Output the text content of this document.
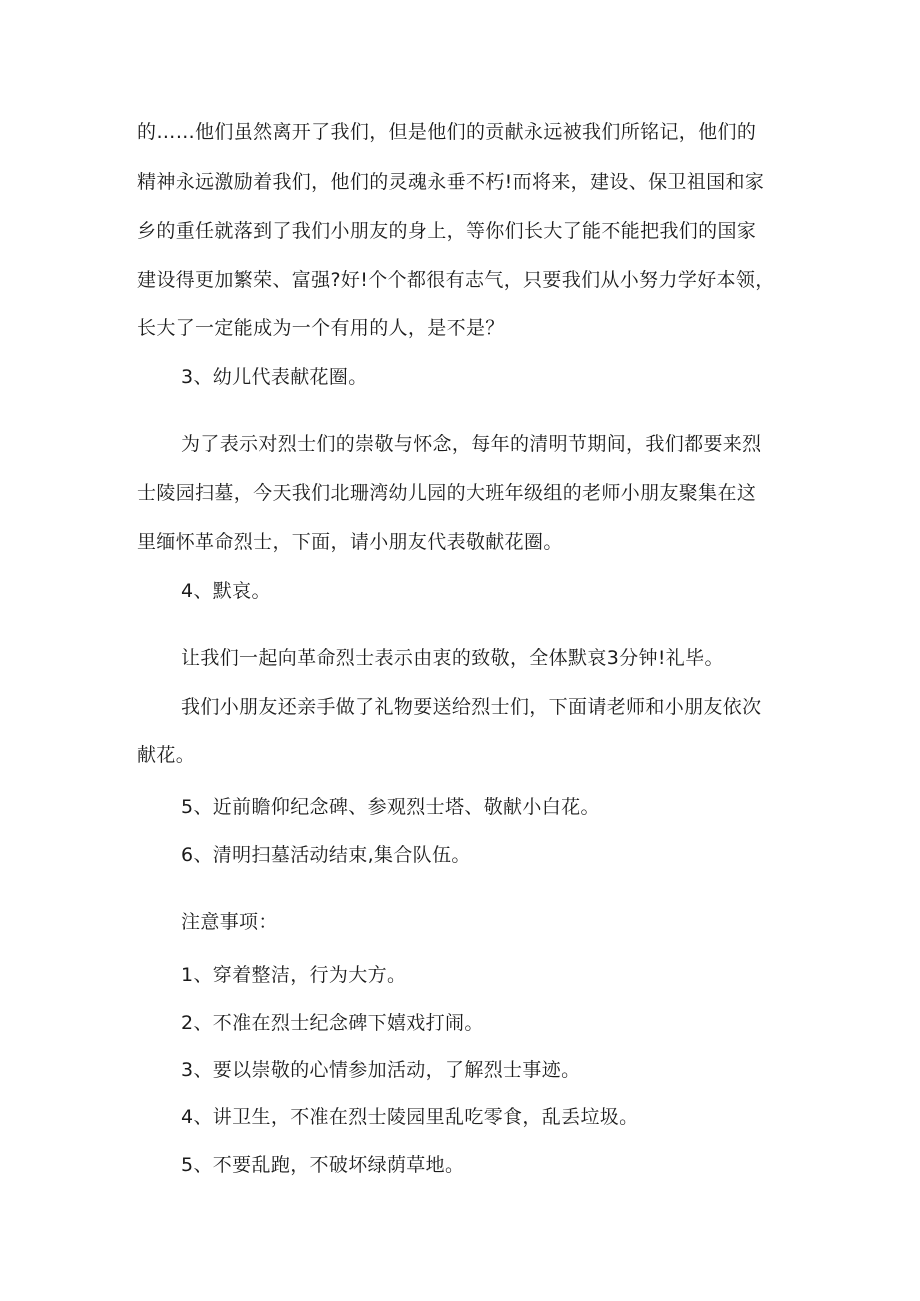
的……他们虽然离开了我们，但是他们的贡献永远被我们所铭记，他们的
精神永远激励着我们，他们的灵魂永垂不朽!而将来，建设、保卫祖国和家
乡的重任就落到了我们小朋友的身上，等你们长大了能不能把我们的国家
建设得更加繁荣、富强?好!个个都很有志气，只要我们从小努力学好本领，
长大了一定能成为一个有用的人，是不是？
3、幼儿代表献花圈。
为了表示对烈士们的崇敬与怀念，每年的清明节期间，我们都要来烈
士陵园扫墓，今天我们北珊湾幼儿园的大班年级组的老师小朋友聚集在这
里缅怀革命烈士，下面，请小朋友代表敬献花圈。
4、默哀。
让我们一起向革命烈士表示由衷的致敬，全体默哀3分钟!礼毕。
我们小朋友还亲手做了礼物要送给烈士们，下面请老师和小朋友依次
献花。
5、近前瞻仰纪念碑、参观烈士塔、敬献小白花。
6、清明扫墓活动结束,集合队伍。
注意事项：
1、穿着整洁，行为大方。
2、不准在烈士纪念碑下嬉戏打闹。
3、要以崇敬的心情参加活动，了解烈士事迹。
4、讲卫生，不准在烈士陵园里乱吃零食，乱丢垃圾。
5、不要乱跑，不破坏绿荫草地。
